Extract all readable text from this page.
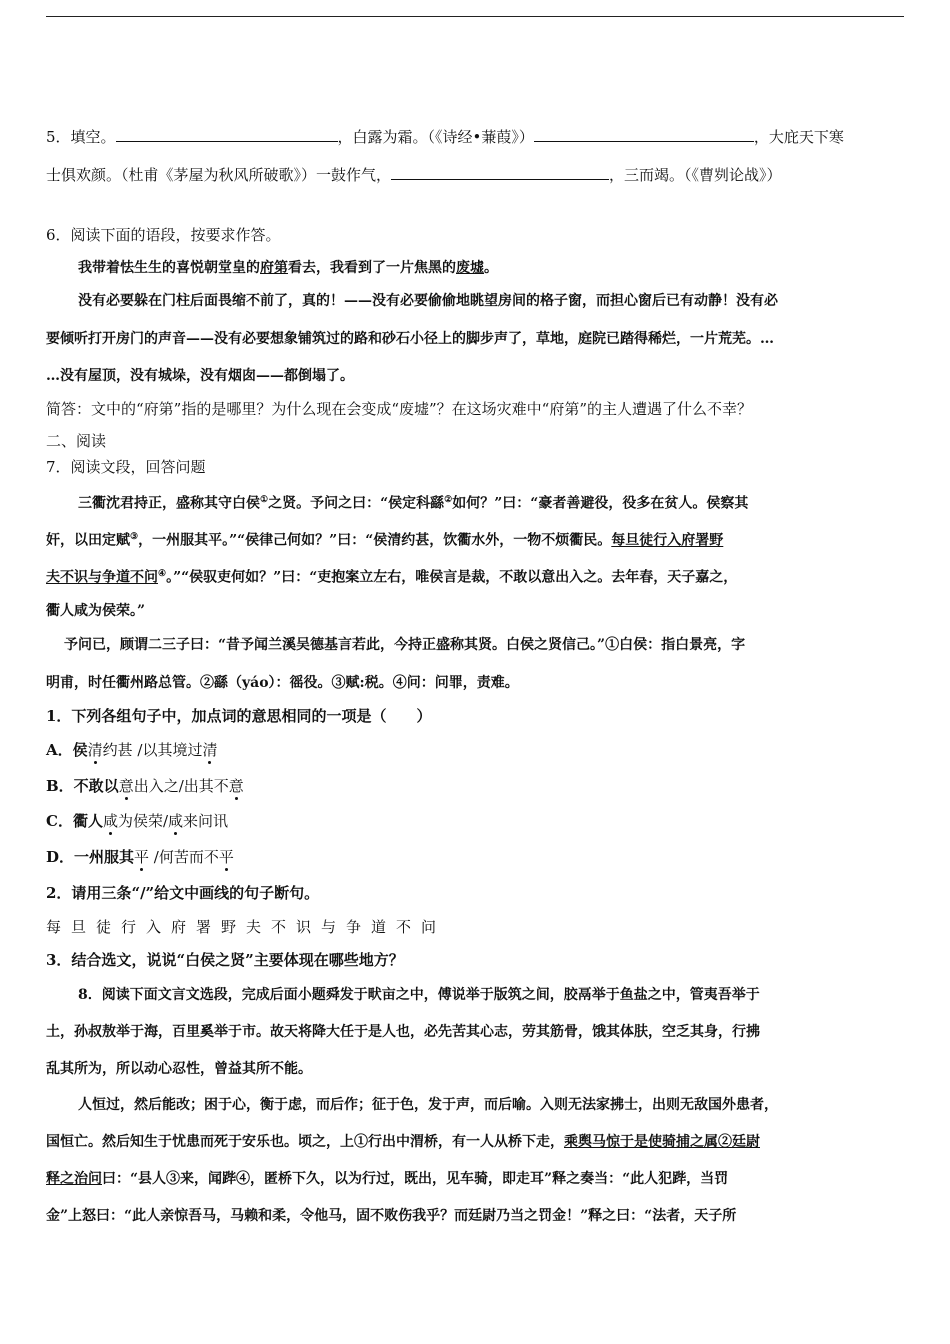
5．填空。	，白露为霜。（《诗经•蒹葭》）	，大庇天下寒
士俱欢颜。（杜甫《茅屋为秋风所破歌》）一鼓作气，	，三而竭。（《曹刿论战》）
6．阅读下面的语段，按要求作答。
我带着怯生生的喜悦朝堂皇的府第看去，我看到了一片焦黑的废墟。
没有必要躲在门柱后面畏缩不前了，真的！——没有必要偷偷地眺望房间的格子窗，而担心窗后已有动静！没有必
要倾听打开房门的声音——没有必要想象铺筑过的路和砂石小径上的脚步声了，草地，庭院已踏得稀烂，一片荒芜。…
…没有屋顶，没有城垛，没有烟囱——都倒塌了。
简答：文中的“府第”指的是哪里？为什么现在会变成“废墟”？在这场灾难中“府第”的主人遭遇了什么不幸？
二、阅读
7．阅读文段，回答问题
三衢沈君持正，盛称其守白侯①之贤。予问之曰：“侯定科繇②如何？”曰：“豪者善避役，役多在贫人。侯察其
奸，以田定赋③，一州服其平。”“侯律己何如？”曰：“侯清约甚，饮衢水外，一物不烦衢民。每旦徒行入府署野
夫不识与争道不问④。”“侯驭吏何如？”曰：“吏抱案立左右，唯侯言是裁，不敢以意出入之。去年春，天子嘉之，
衢人咸为侯荣。”
予问已，顾谓二三子曰：“昔予闻兰溪吴德基言若此，今持正盛称其贤。白侯之贤信己。”①白侯：指白景亮，字
明甫，时任衢州路总管。②繇（yáo）：徭役。③赋:税。④问：问罪，责难。
1．下列各组句子中，加点词的意思相同的一项是（　　）
A．侯清约甚 /以其境过清
B．不敢以意出入之/出其不意
C．衢人咸为侯荣/咸来问讯
D．一州服其平 /何苦而不平
2．请用三条“/”给文中画线的句子断句。
每旦徒行入府署野夫不识与争道不问
3．结合选文，说说“白侯之贤”主要体现在哪些地方？
8．阅读下面文言文选段，完成后面小题舜发于畎亩之中，傅说举于版筑之间，胶鬲举于鱼盐之中，管夷吾举于
土，孙叔敖举于海，百里奚举于市。故天将降大任于是人也，必先苦其心志，劳其筋骨，饿其体肤，空乏其身，行拂
乱其所为，所以动心忍性，曾益其所不能。
人恒过，然后能改；困于心，衡于虑，而后作；征于色，发于声，而后喻。入则无法家拂士，出则无敌国外患者，
国恒亡。然后知生于忧患而死于安乐也。顷之，上①行出中渭桥，有一人从桥下走，乘舆马惊于是使骑捕之属②廷尉
释之治问曰：“县人③来，闻跸④，匿桥下久，以为行过，既出，见车骑，即走耳”释之奏当：“此人犯跸，当罚
金”上怒曰：“此人亲惊吾马，马赖和柔，令他马，固不败伤我乎？而廷尉乃当之罚金！”释之曰：“法者，天子所
